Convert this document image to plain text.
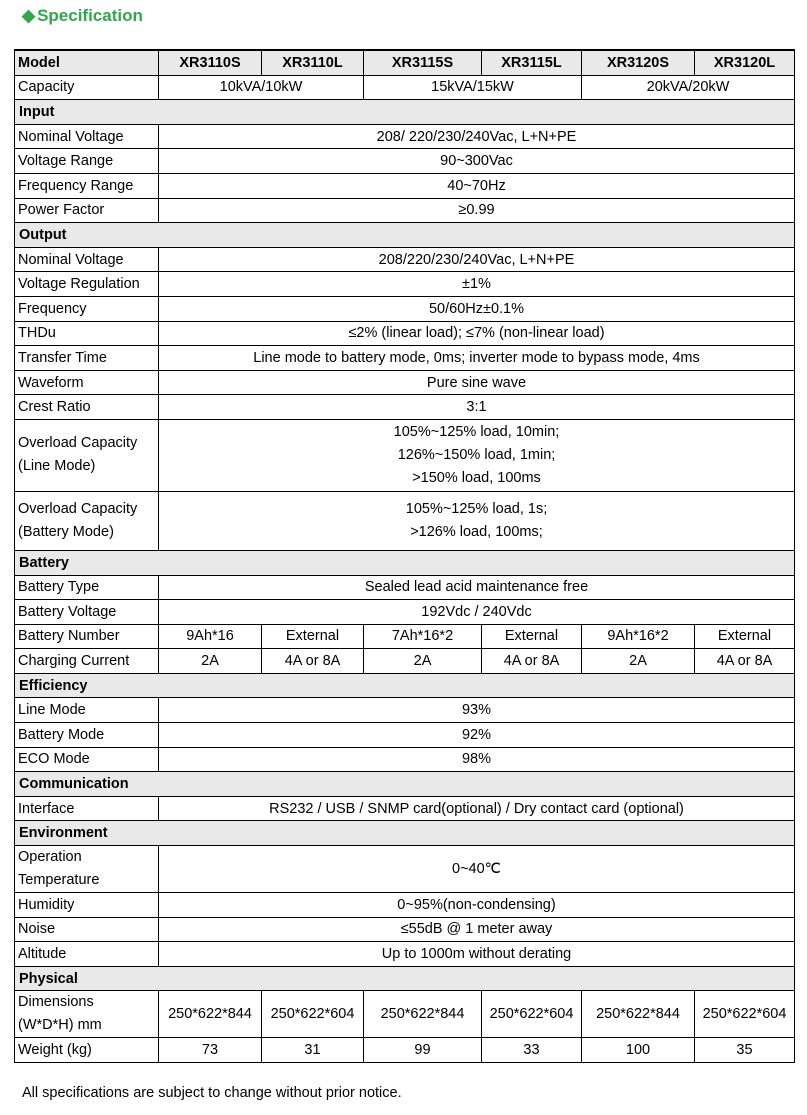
◆ Specification
Model	XR3110S	XR3110L	XR3115S	XR3115L	XR3120S	XR3120L
Capacity	10kVA/10kW		15kVA/15kW		20kVA/20kW	
Input						
Nominal Voltage	208/ 220/230/240Vac, L+N+PE					
Voltage Range	90~300Vac					
Frequency Range	40~70Hz					
Power Factor	≥0.99					
Output						
Nominal Voltage	208/220/230/240Vac, L+N+PE					
Voltage Regulation	±1%					
Frequency	50/60Hz±0.1%					
THDu	≤2% (linear load); ≤7% (non-linear load)					
Transfer Time	Line mode to battery mode, 0ms; inverter mode to bypass mode, 4ms					
Waveform	Pure sine wave					
Crest Ratio	3:1					

Overload Capacity
(Line Mode)	105%~125% load, 10min;
126%~150% load, 1min;
>150% load, 100ms					

Overload Capacity
(Battery Mode)	105%~125% load, 1s;
>126% load, 100ms;					

Battery						
Battery Type	Sealed lead acid maintenance free					
Battery Voltage	192Vdc / 240Vdc					
Battery Number	9Ah*16	External	7Ah*16*2	External	9Ah*16*2	External
Charging Current	2A	4A or 8A	2A	4A or 8A	2A	4A or 8A
Efficiency						
Line Mode	93%					
Battery Mode	92%					
ECO Mode	98%					
Communication						
Interface	RS232 / USB / SNMP card(optional) / Dry contact card (optional)					
Environment						

Operation
Temperature	0~40℃					
Humidity	0~95%(non-condensing)					
Noise	≤55dB @ 1 meter away					
Altitude	Up to 1000m without derating					
Physical						

Dimensions
(W*D*H) mm	250*622*844	250*622*604	250*622*844	250*622*604	250*622*844	250*622*604
Weight (kg)	73	31	99	33	100	35
All specifications are subject to change without prior notice.
